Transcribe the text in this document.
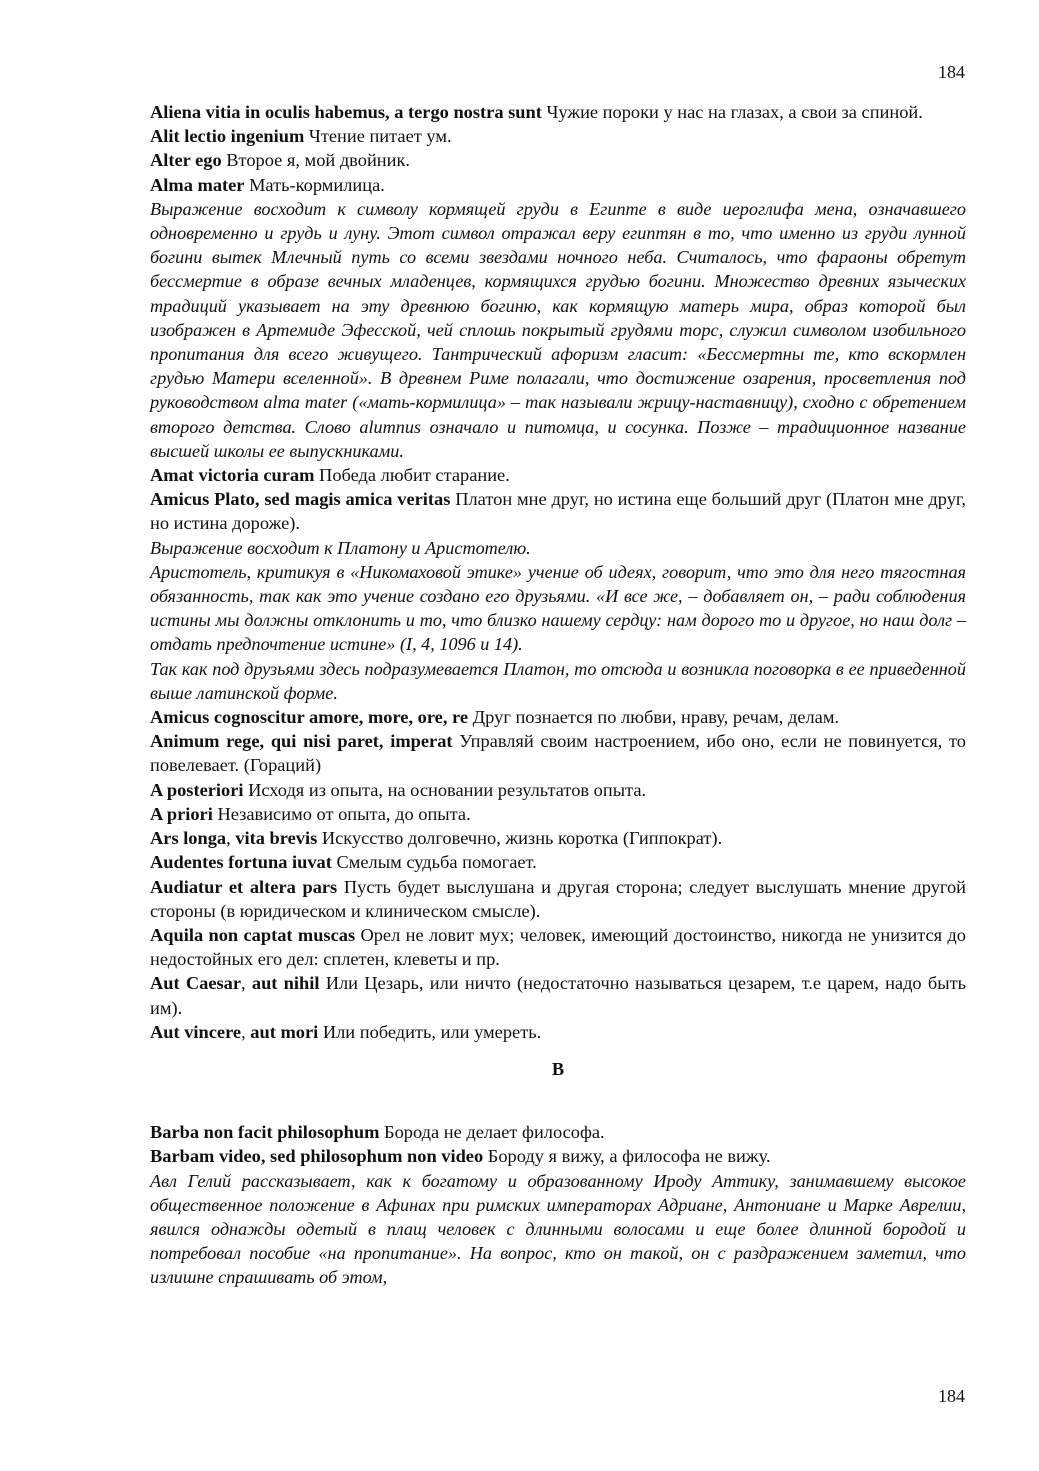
184

Aliena vitia in oculis habemus, a tergo nostra sunt Чужие пороки у нас на глазах, а свои за спиной.

Alit lectio ingenium Чтение питает ум.

Alter ego Второе я, мой двойник.

Alma mater Мать-кормилица.

Выражение восходит к символу кормящей груди в Египте в виде иероглифа мена, означавшего одновременно и грудь и луну. Этот символ отражал веру египтян в то, что именно из груди лунной богини вытек Млечный путь со всеми звездами ночного неба. Считалось, что фараоны обретут бессмертие в образе вечных младенцев, кормящихся грудью богини. Множество древних языческих традиций указывает на эту древнюю богиню, как кормящую матерь мира, образ которой был изображен в Артемиде Эфесской, чей сплошь покрытый грудями торс, служил символом изобильного пропитания для всего живущего. Тантрический афоризм гласит: «Бессмертны те, кто вскормлен грудью Матери вселенной». В древнем Риме полагали, что достижение озарения, просветления под руководством alma mater («мать-кормилица» – так называли жрицу-наставницу), сходно с обретением второго детства. Слово alumnus означало и питомца, и сосунка. Позже – традиционное название высшей школы ее выпускниками.

Amat victoria curam Победа любит старание.

Amicus Plato, sed magis amica veritas Платон мне друг, но истина еще больший друг (Платон мне друг, но истина дороже).

Выражение восходит к Платону и Аристотелю.

Аристотель, критикуя в «Никомаховой этике» учение об идеях, говорит, что это для него тягостная обязанность, так как это учение создано его друзьями. «И все же, – добавляет он, – ради соблюдения истины мы должны отклонить и то, что близко нашему сердцу: нам дорого то и другое, но наш долг – отдать предпочтение истине» (I, 4, 1096 и 14).

Так как под друзьями здесь подразумевается Платон, то отсюда и возникла поговорка в ее приведенной выше латинской форме.

Amicus cognoscitur amore, more, ore, re Друг познается по любви, нраву, речам, делам.

Animum rege, qui nisi paret, imperat Управляй своим настроением, ибо оно, если не повинуется, то повелевает. (Гораций)

A posteriori Исходя из опыта, на основании результатов опыта.

A priori Независимо от опыта, до опыта.

Ars longa, vita brevis Искусство долговечно, жизнь коротка (Гиппократ).

Audentes fortuna iuvat Смелым судьба помогает.

Audiatur et altera pars Пусть будет выслушана и другая сторона; следует выслушать мнение другой стороны (в юридическом и клиническом смысле).

Aquila non captat muscas Орел не ловит мух; человек, имеющий достоинство, никогда не унизится до недостойных его дел: сплетен, клеветы и пр.

Aut Caesar, aut nihil Или Цезарь, или ничто (недостаточно называться цезарем, т.е царем, надо быть им).

Aut vincere, aut mori Или победить, или умереть.

B

Barba non facit philosophum Борода не делает философа.

Barbam video, sed philosophum non video Бороду я вижу, а философа не вижу.

Авл Гелий рассказывает, как к богатому и образованному Ироду Аттику, занимавшему высокое общественное положение в Афинах при римских императорах Адриане, Антониане и Марке Аврелии, явился однажды одетый в плащ человек с длинными волосами и еще более длинной бородой и потребовал пособие «на пропитание». На вопрос, кто он такой, он с раздражением заметил, что излишне спрашивать об этом,

184
